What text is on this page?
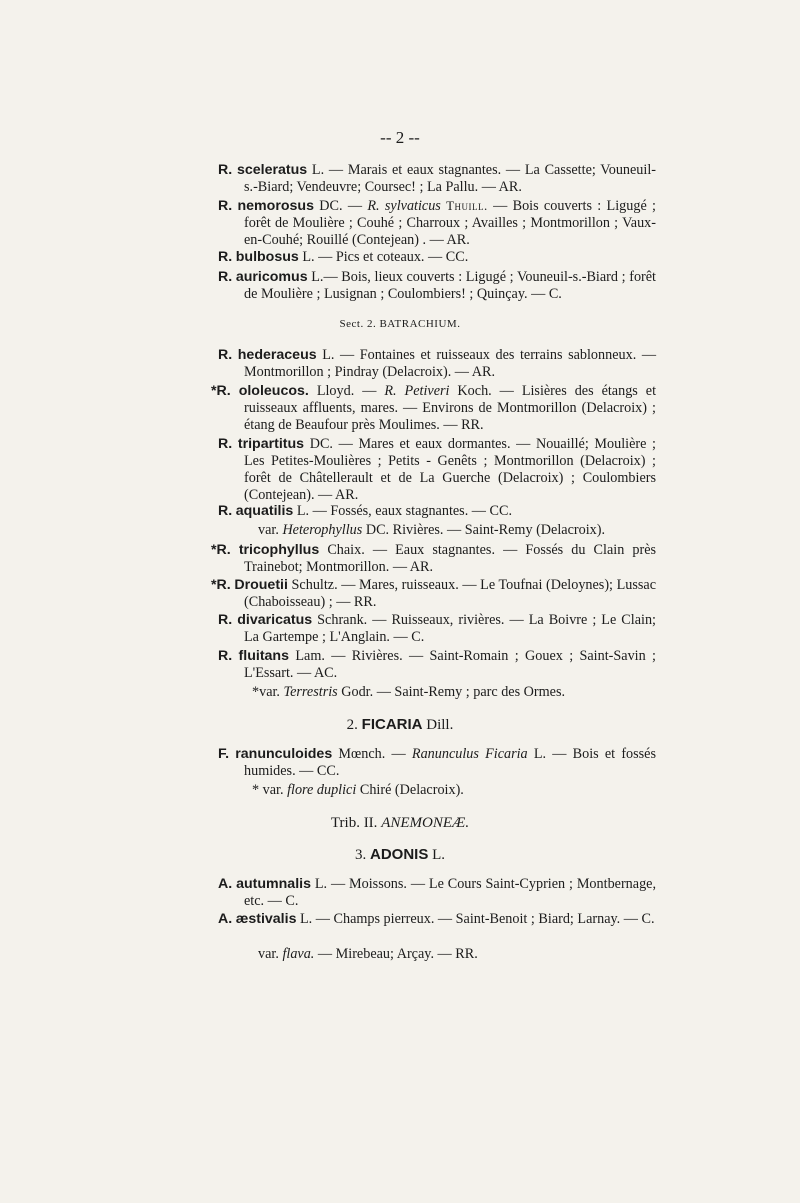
-- 2 --
R. sceleratus L. — Marais et eaux stagnantes. — La Cassette; Vouneuil-s.-Biard; Vendeuvre; Coursec! ; La Pallu. — AR.
R. nemorosus DC. — R. sylvaticus Thuill. — Bois couverts : Ligugé ; forêt de Moulière ; Couhé ; Charroux ; Availles ; Montmorillon ; Vaux-en-Couhé; Rouillé (Contejean) . — AR.
R. bulbosus L. — Pics et coteaux. — CC.
R. auricomus L.— Bois, lieux couverts : Ligugé ; Vouneuil-s.-Biard ; forêt de Moulière ; Lusignan ; Coulombiers! ; Quinçay. — C.
Sect. 2. BATRACHIUM.
R. hederaceus L. — Fontaines et ruisseaux des terrains sablonneux. — Montmorillon ; Pindray (Delacroix). — AR.
*R. ololeucos. Lloyd. — R. Petiveri Koch. — Lisières des étangs et ruisseaux affluents, mares. — Environs de Montmorillon (Delacroix) ; étang de Beaufour près Moulimes. — RR.
R. tripartitus DC. — Mares et eaux dormantes. — Nouaillé; Moulière ; Les Petites-Moulières ; Petits - Genêts ; Montmorillon (Delacroix) ; forêt de Châtellerault et de La Guerche (Delacroix) ; Coulombiers (Contejean). — AR.
R. aquatilis L. — Fossés, eaux stagnantes. — CC.
var. Heterophyllus DC. Rivières. — Saint-Remy (Delacroix).
*R. tricophyllus Chaix. — Eaux stagnantes. — Fossés du Clain près Trainebot; Montmorillon. — AR.
*R. Drouetii Schultz. — Mares, ruisseaux. — Le Toufnai (Deloynes); Lussac (Chaboisseau) ; — RR.
R. divaricatus Schrank. — Ruisseaux, rivières. — La Boivre ; Le Clain; La Gartempe ; L'Anglain. — C.
R. fluitans Lam. — Rivières. — Saint-Romain ; Gouex ; Saint-Savin ; L'Essart. — AC.
*var. Terrestris Godr. — Saint-Remy ; parc des Ormes.
2. FICARIA Dill.
F. ranunculoides Mœnch. — Ranunculus Ficaria L. — Bois et fossés humides. — CC.
* var. flore duplici Chiré (Delacroix).
Trib. II. ANEMONEÆ.
3. ADONIS L.
A. autumnalis L. — Moissons. — Le Cours Saint-Cyprien ; Montbernage, etc. — C.
A. æstivalis L. — Champs pierreux. — Saint-Benoit ; Biard; Larnay. — C.
var. flava. — Mirebeau; Arçay. — RR.
